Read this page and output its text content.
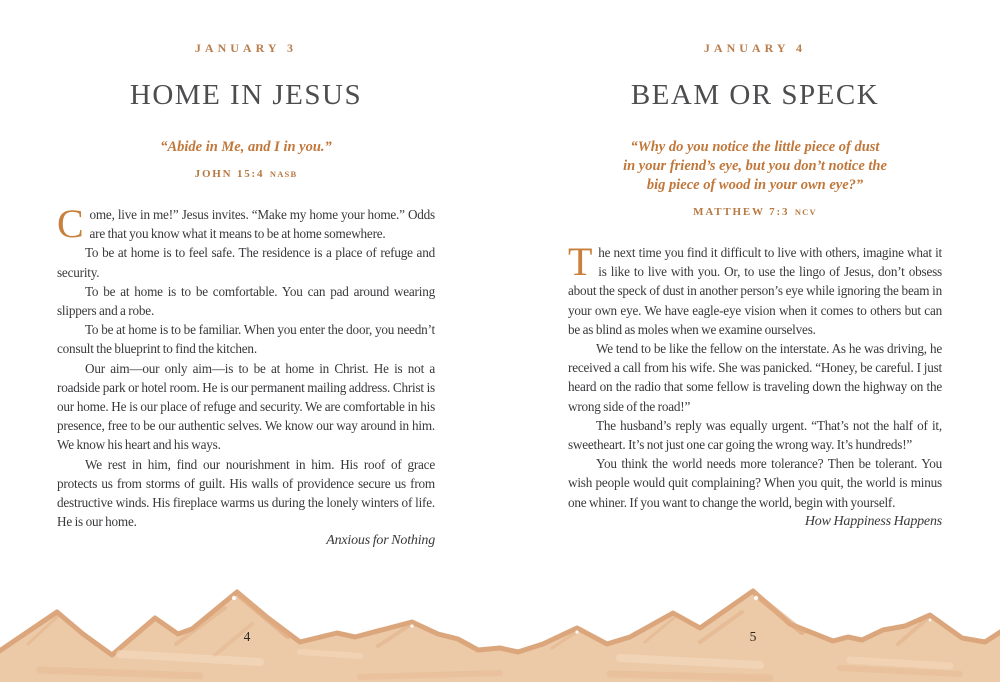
JANUARY 3
HOME IN JESUS
“Abide in Me, and I in you.”
JOHN 15:4 NASB

Come, live in me!” Jesus invites. “Make my home your home.” Odds are that you know what it means to be at home somewhere.

To be at home is to feel safe. The residence is a place of refuge and security.

To be at home is to be comfortable. You can pad around wearing slippers and a robe.

To be at home is to be familiar. When you enter the door, you needn’t consult the blueprint to find the kitchen.

Our aim—our only aim—is to be at home in Christ. He is not a roadside park or hotel room. He is our permanent mailing address. Christ is our home. He is our place of refuge and security. We are comfortable in his presence, free to be our authentic selves. We know our way around in him. We know his heart and his ways.

We rest in him, find our nourishment in him. His roof of grace protects us from storms of guilt. His walls of providence secure us from destructive winds. His fireplace warms us during the lonely winters of life. He is our home.

Anxious for Nothing
JANUARY 4
BEAM OR SPECK
“Why do you notice the little piece of dust
in your friend’s eye, but you don’t notice the
big piece of wood in your own eye?”
MATTHEW 7:3 NCV

The next time you find it difficult to live with others, imagine what it is like to live with you. Or, to use the lingo of Jesus, don’t obsess about the speck of dust in another person’s eye while ignoring the beam in your own eye. We have eagle-eye vision when it comes to others but can be as blind as moles when we examine ourselves.

We tend to be like the fellow on the interstate. As he was driving, he received a call from his wife. She was panicked. “Honey, be careful. I just heard on the radio that some fellow is traveling down the highway on the wrong side of the road!”

The husband’s reply was equally urgent. “That’s not the half of it, sweetheart. It’s not just one car going the wrong way. It’s hundreds!”

You think the world needs more tolerance? Then be tolerant. You wish people would quit complaining? When you quit, the world is minus one whiner. If you want to change the world, begin with yourself.

How Happiness Happens
4	5
